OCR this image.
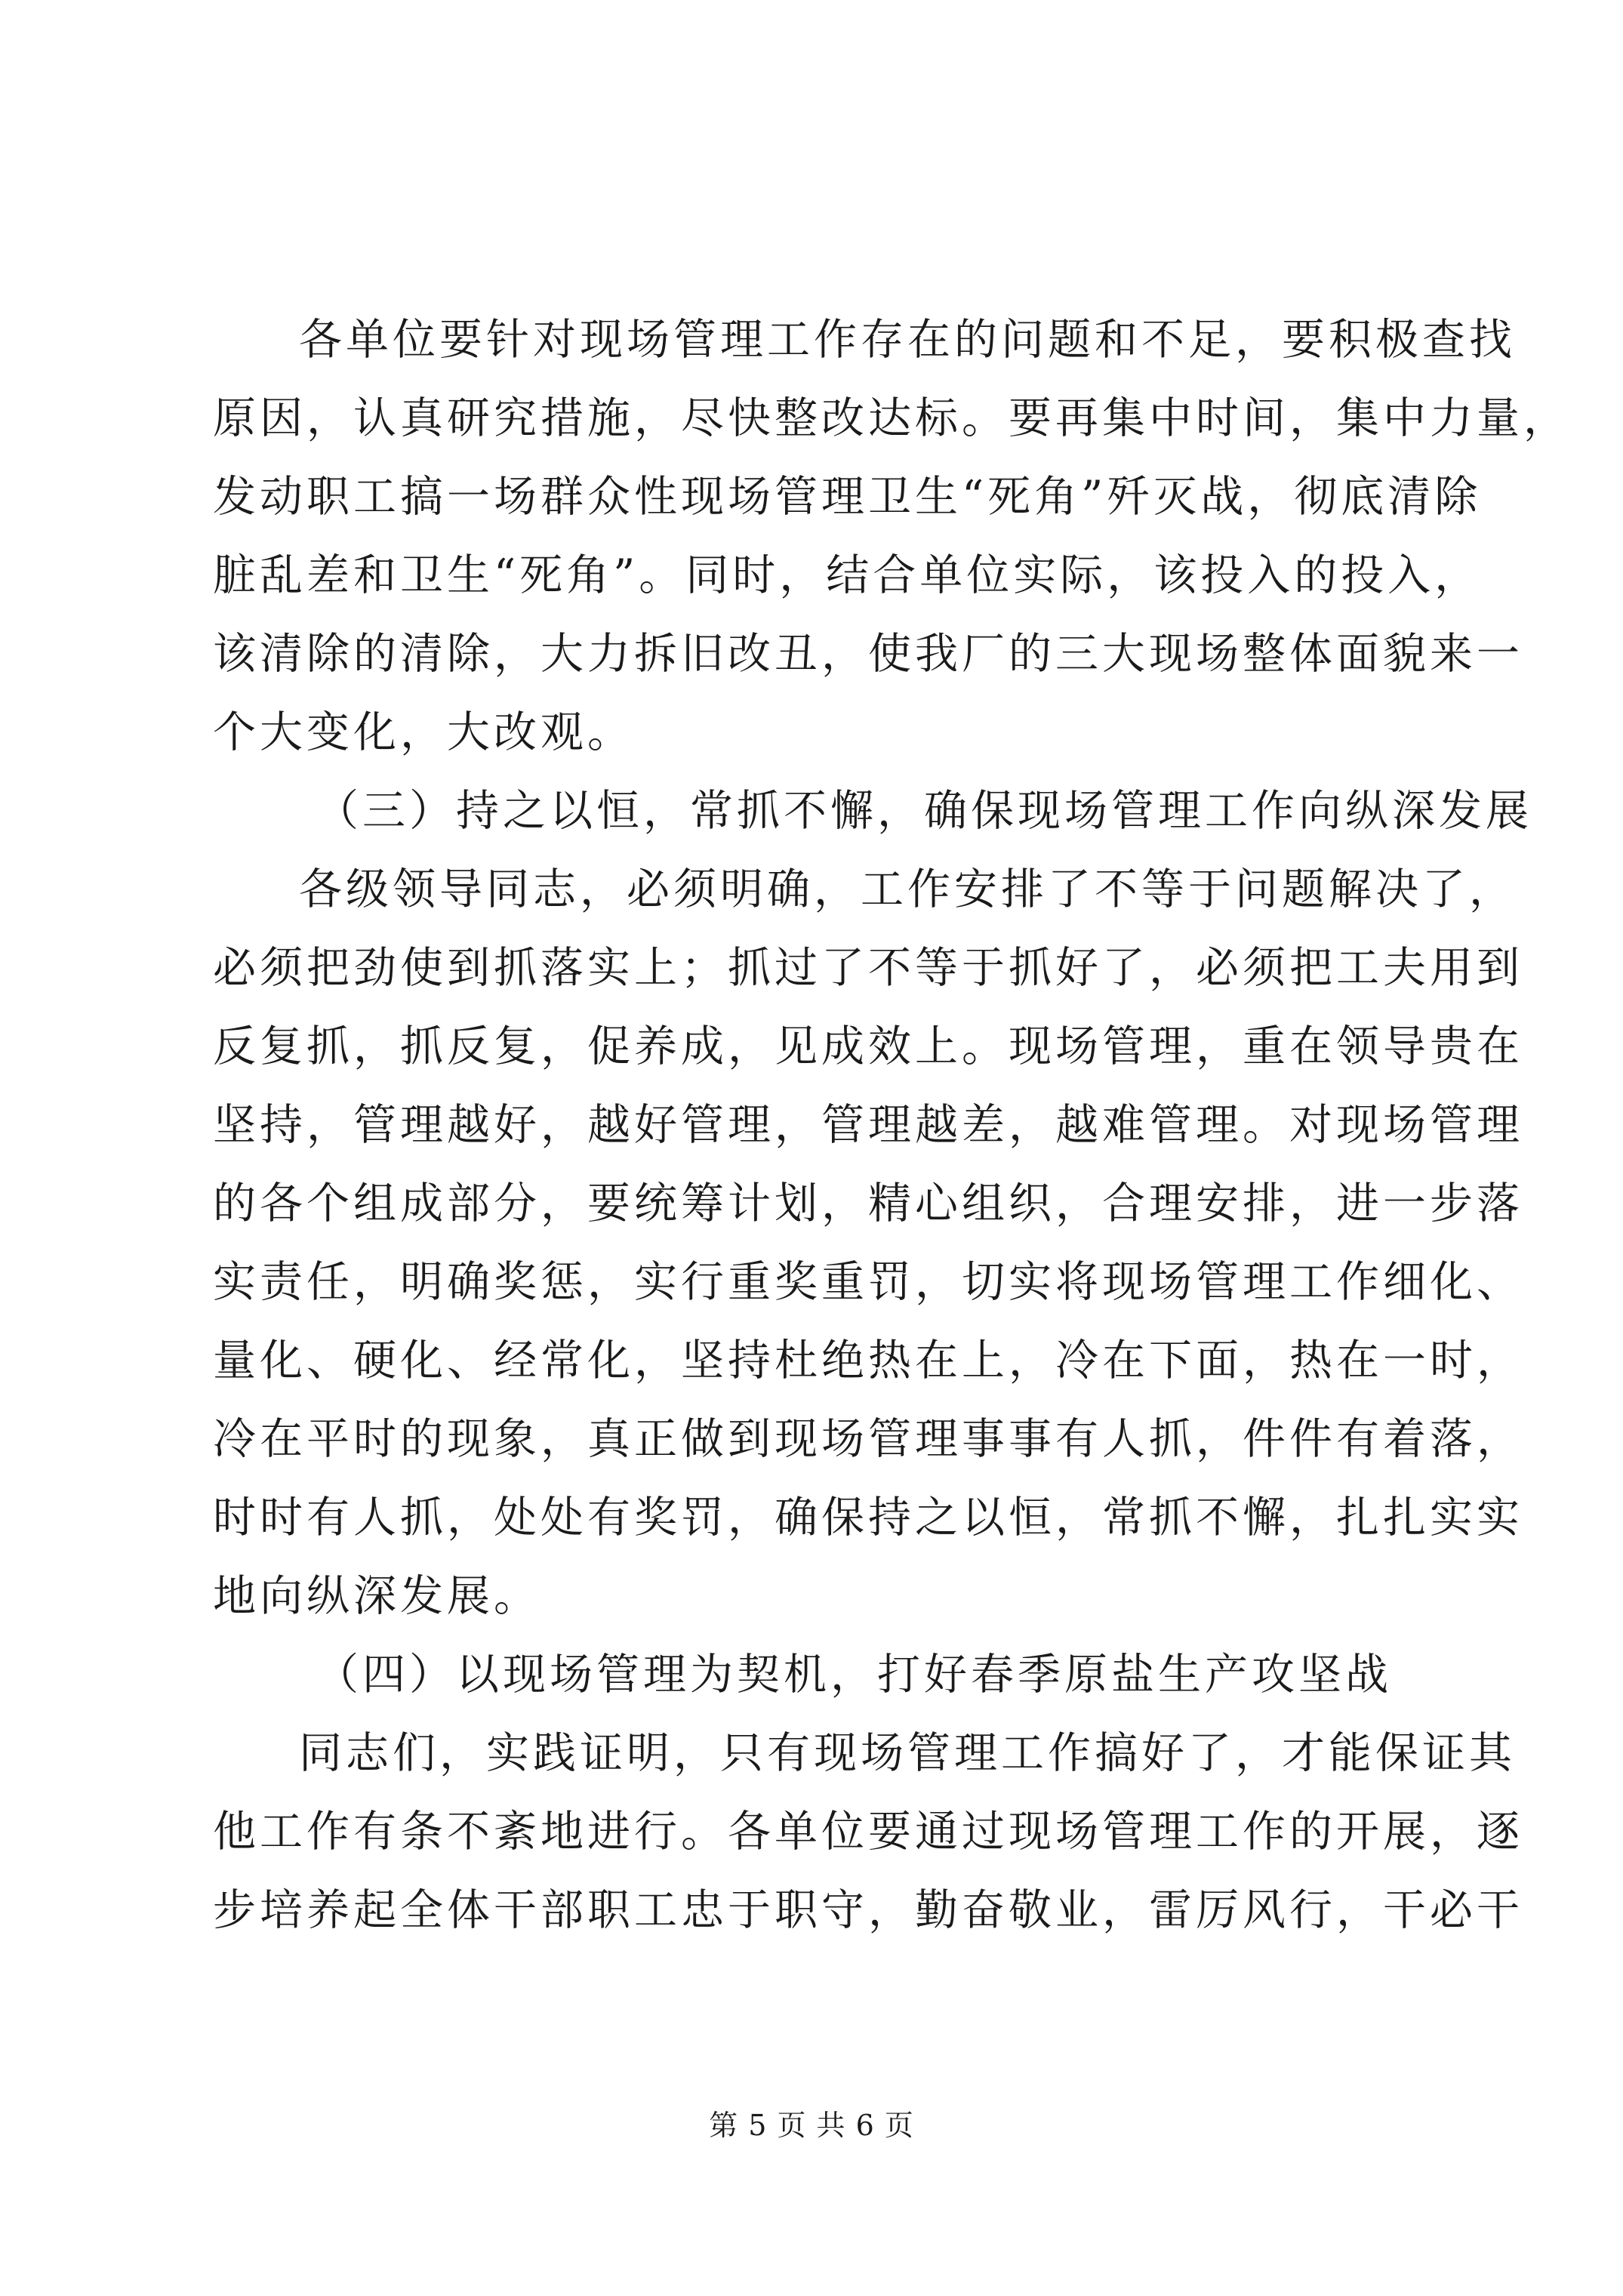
各单位要针对现场管理工作存在的问题和不足，要积极查找
原因，认真研究措施，尽快整改达标。要再集中时间，集中力量，
发动职工搞一场群众性现场管理卫生“死角”歼灭战，彻底清除
脏乱差和卫生“死角”。同时，结合单位实际，该投入的投入，
该清除的清除，大力拆旧改丑，使我厂的三大现场整体面貌来一
个大变化，大改观。
（三）持之以恒，常抓不懈，确保现场管理工作向纵深发展
各级领导同志，必须明确，工作安排了不等于问题解决了，
必须把劲使到抓落实上；抓过了不等于抓好了，必须把工夫用到
反复抓，抓反复，促养成，见成效上。现场管理，重在领导贵在
坚持，管理越好，越好管理，管理越差，越难管理。对现场管理
的各个组成部分，要统筹计划，精心组织，合理安排，进一步落
实责任，明确奖惩，实行重奖重罚，切实将现场管理工作细化、
量化、硬化、经常化，坚持杜绝热在上，冷在下面，热在一时，
冷在平时的现象，真正做到现场管理事事有人抓，件件有着落，
时时有人抓，处处有奖罚，确保持之以恒，常抓不懈，扎扎实实
地向纵深发展。
（四）以现场管理为契机，打好春季原盐生产攻坚战
同志们，实践证明，只有现场管理工作搞好了，才能保证其
他工作有条不紊地进行。各单位要通过现场管理工作的开展，逐
步培养起全体干部职工忠于职守，勤奋敬业，雷厉风行，干必干
第 5 页 共 6 页
